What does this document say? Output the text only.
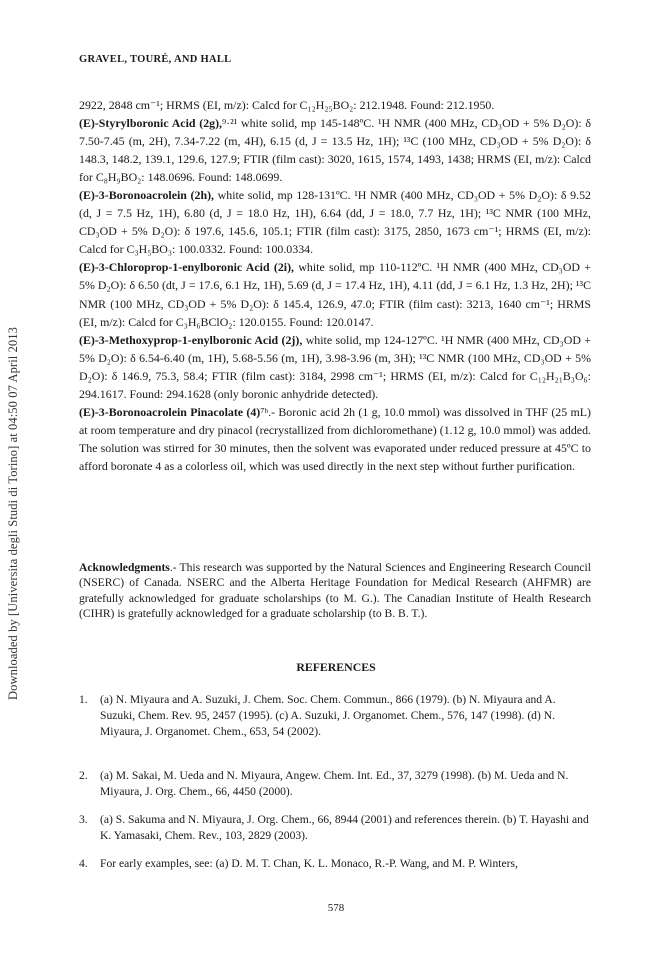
Downloaded by [Universita degli Studi di Torino] at 04:50 07 April 2013
GRAVEL, TOURÉ, AND HALL

2922, 2848 cm⁻¹; HRMS (EI, m/z): Calcd for C₁₂H₂₅BO₂: 212.1948. Found: 212.1950.

(E)-Styrylboronic Acid (2g),⁹·²¹ white solid, mp 145-148ºC. ¹H NMR (400 MHz, CD₃OD + 5% D₂O): δ 7.50-7.45 (m, 2H), 7.34-7.22 (m, 4H), 6.15 (d, J = 13.5 Hz, 1H); ¹³C (100 MHz, CD₃OD + 5% D₂O): δ 148.3, 148.2, 139.1, 129.6, 127.9; FTIR (film cast): 3020, 1615, 1574, 1493, 1438; HRMS (EI, m/z): Calcd for C₈H₉BO₂: 148.0696. Found: 148.0699.

(E)-3-Boronoacrolein (2h), white solid, mp 128-131ºC. ¹H NMR (400 MHz, CD₃OD + 5% D₂O): δ 9.52 (d, J = 7.5 Hz, 1H), 6.80 (d, J = 18.0 Hz, 1H), 6.64 (dd, J = 18.0, 7.7 Hz, 1H); ¹³C NMR (100 MHz, CD₃OD + 5% D₂O): δ 197.6, 145.6, 105.1; FTIR (film cast): 3175, 2850, 1673 cm⁻¹; HRMS (EI, m/z): Calcd for C₃H₅BO₃: 100.0332. Found: 100.0334.

(E)-3-Chloroprop-1-enylboronic Acid (2i), white solid, mp 110-112ºC. ¹H NMR (400 MHz, CD₃OD + 5% D₂O): δ 6.50 (dt, J = 17.6, 6.1 Hz, 1H), 5.69 (d, J = 17.4 Hz, 1H), 4.11 (dd, J = 6.1 Hz, 1.3 Hz, 2H); ¹³C NMR (100 MHz, CD₃OD + 5% D₂O): δ 145.4, 126.9, 47.0; FTIR (film cast): 3213, 1640 cm⁻¹; HRMS (EI, m/z): Calcd for C₃H₆BClO₂: 120.0155. Found: 120.0147.

(E)-3-Methoxyprop-1-enylboronic Acid (2j), white solid, mp 124-127ºC. ¹H NMR (400 MHz, CD₃OD + 5% D₂O): δ 6.54-6.40 (m, 1H), 5.68-5.56 (m, 1H), 3.98-3.96 (m, 3H); ¹³C NMR (100 MHz, CD₃OD + 5% D₂O): δ 146.9, 75.3, 58.4; FTIR (film cast): 3184, 2998 cm⁻¹; HRMS (EI, m/z): Calcd for C₁₂H₂₁B₃O₆: 294.1617. Found: 294.1628 (only boronic anhydride detected).

(E)-3-Boronoacrolein Pinacolate (4)⁷ᵇ.- Boronic acid 2h (1 g, 10.0 mmol) was dissolved in THF (25 mL) at room temperature and dry pinacol (recrystallized from dichloromethane) (1.12 g, 10.0 mmol) was added. The solution was stirred for 30 minutes, then the solvent was evaporated under reduced pressure at 45ºC to afford boronate 4 as a colorless oil, which was used directly in the next step without further purification.

Acknowledgments.- This research was supported by the Natural Sciences and Engineering Research Council (NSERC) of Canada. NSERC and the Alberta Heritage Foundation for Medical Research (AHFMR) are gratefully acknowledged for graduate scholarships (to M. G.). The Canadian Institute of Health Research (CIHR) is gratefully acknowledged for a graduate scholarship (to B. B. T.).
REFERENCES
1. (a) N. Miyaura and A. Suzuki, J. Chem. Soc. Chem. Commun., 866 (1979). (b) N. Miyaura and A. Suzuki, Chem. Rev. 95, 2457 (1995). (c) A. Suzuki, J. Organomet. Chem., 576, 147 (1998). (d) N. Miyaura, J. Organomet. Chem., 653, 54 (2002).
2. (a) M. Sakai, M. Ueda and N. Miyaura, Angew. Chem. Int. Ed., 37, 3279 (1998). (b) M. Ueda and N. Miyaura, J. Org. Chem., 66, 4450 (2000).
3. (a) S. Sakuma and N. Miyaura, J. Org. Chem., 66, 8944 (2001) and references therein. (b) T. Hayashi and K. Yamasaki, Chem. Rev., 103, 2829 (2003).
4. For early examples, see: (a) D. M. T. Chan, K. L. Monaco, R.-P. Wang, and M. P. Winters,
578
